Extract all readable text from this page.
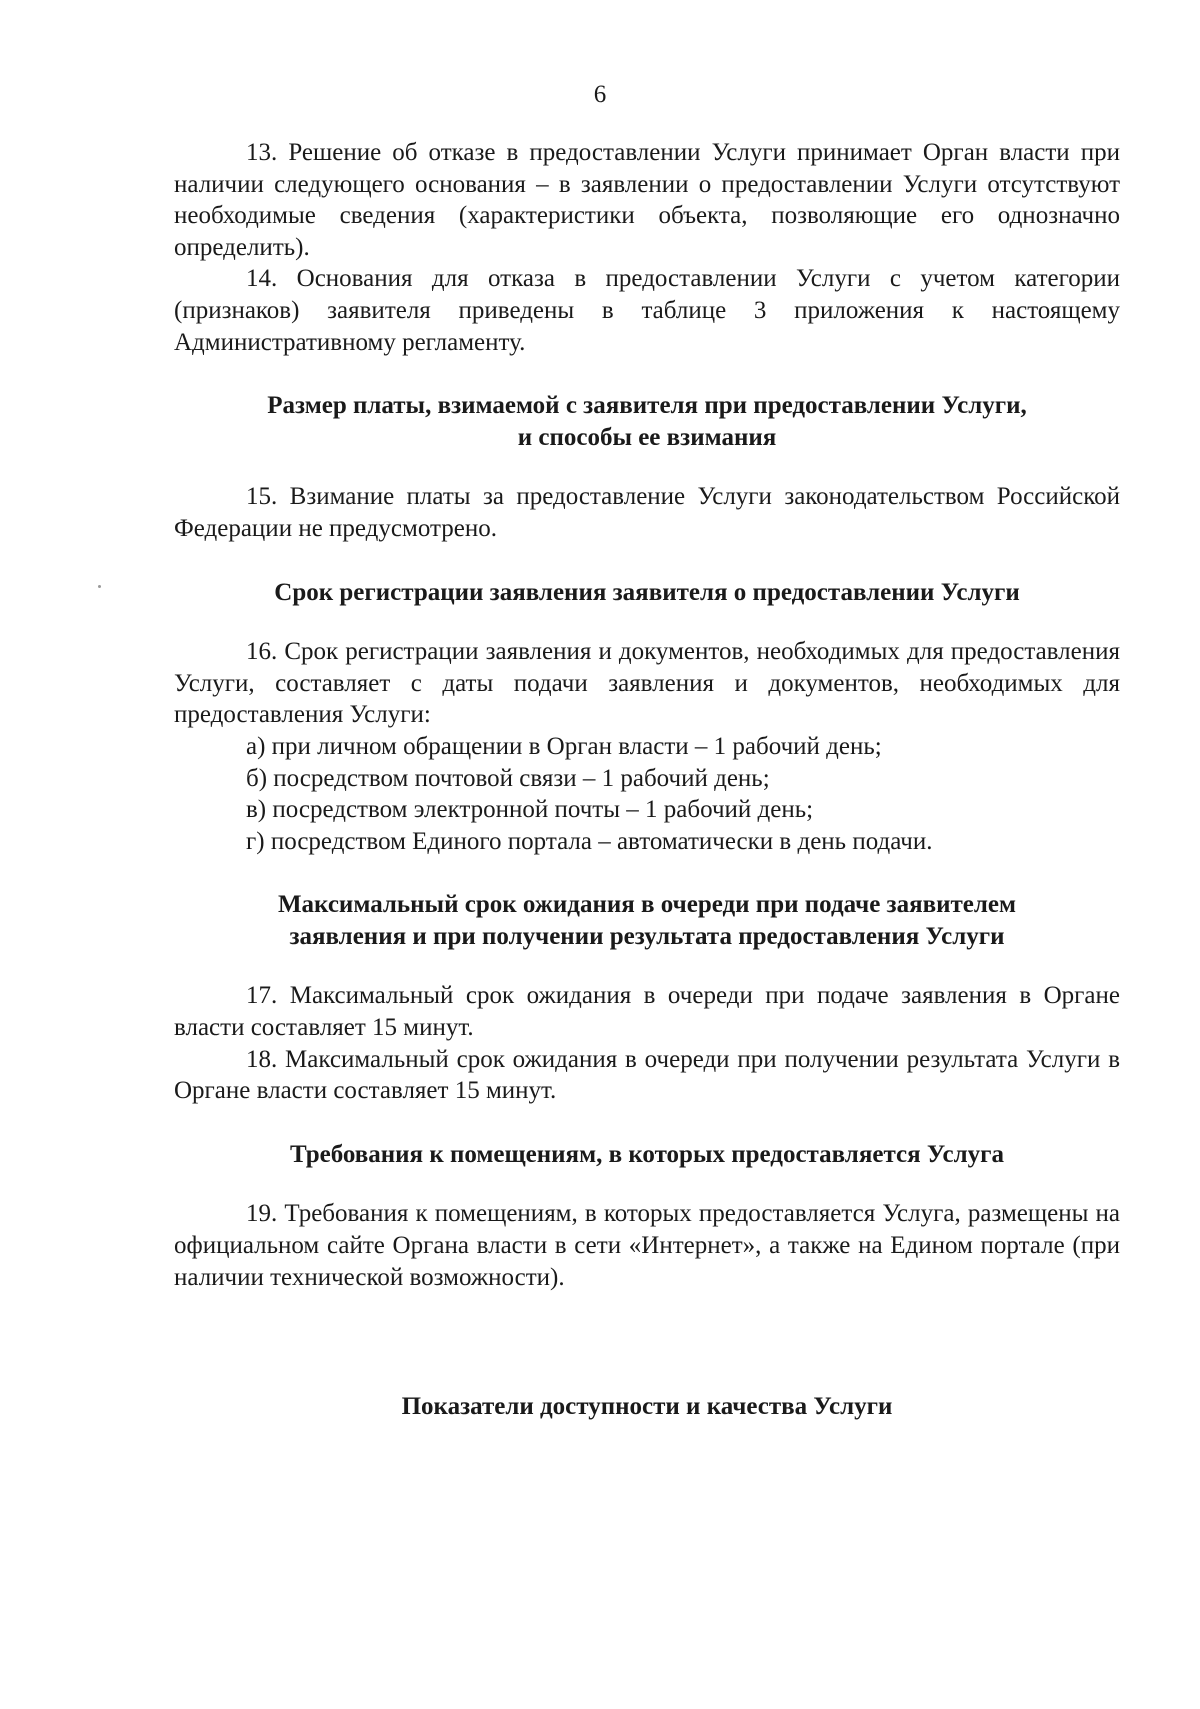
6

13. Решение об отказе в предоставлении Услуги принимает Орган власти при наличии следующего основания – в заявлении о предоставлении Услуги отсутствуют необходимые сведения (характеристики объекта, позволяющие его однозначно определить).

14. Основания для отказа в предоставлении Услуги с учетом категории (признаков) заявителя приведены в таблице 3 приложения к настоящему Административному регламенту.

Размер платы, взимаемой с заявителя при предоставлении Услуги,

и способы ее взимания

15. Взимание платы за предоставление Услуги законодательством Российской Федерации не предусмотрено.

Срок регистрации заявления заявителя о предоставлении Услуги

16. Срок регистрации заявления и документов, необходимых для предоставления Услуги, составляет с даты подачи заявления и документов, необходимых для предоставления Услуги:

а) при личном обращении в Орган власти – 1 рабочий день;

б) посредством почтовой связи – 1 рабочий день;

в) посредством электронной почты – 1 рабочий день;

г) посредством Единого портала – автоматически в день подачи.

Максимальный срок ожидания в очереди при подаче заявителем

заявления и при получении результата предоставления Услуги

17. Максимальный срок ожидания в очереди при подаче заявления в Органе власти составляет 15 минут.

18. Максимальный срок ожидания в очереди при получении результата Услуги в Органе власти составляет 15 минут.

Требования к помещениям, в которых предоставляется Услуга

19. Требования к помещениям, в которых предоставляется Услуга, размещены на официальном сайте Органа власти в сети «Интернет», а также на Едином портале (при наличии технической возможности).

Показатели доступности и качества Услуги
